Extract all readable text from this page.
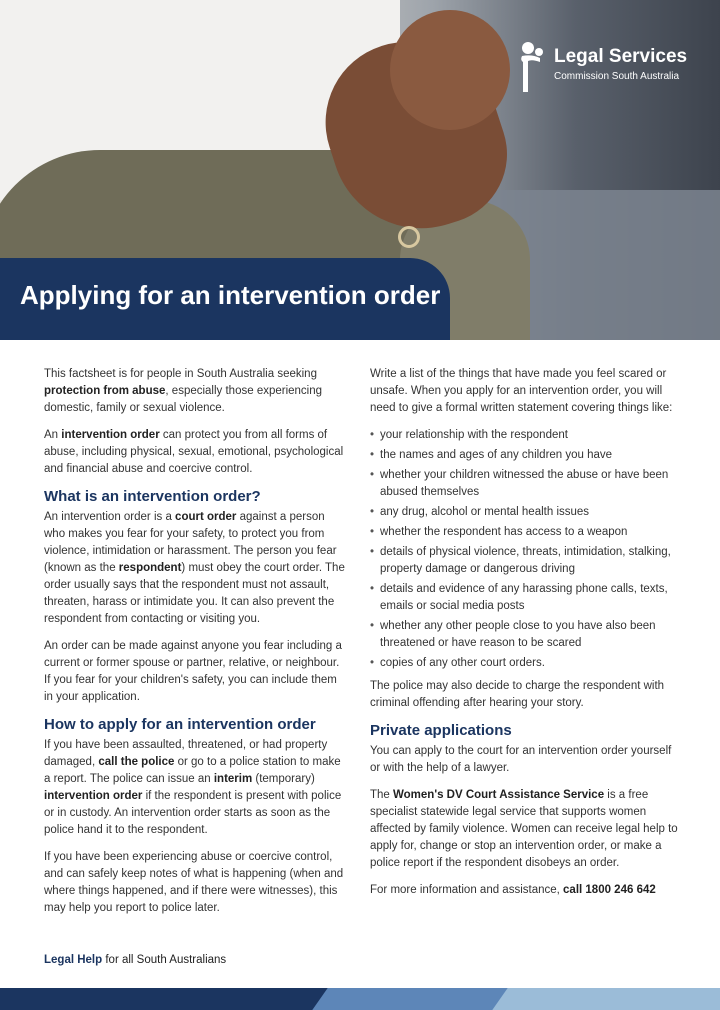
Legal Services
Commission South Australia
Applying for an intervention order

This factsheet is for people in South Australia seeking protection from abuse, especially those experiencing domestic, family or sexual violence.

An intervention order can protect you from all forms of abuse, including physical, sexual, emotional, psychological and financial abuse and coercive control.

What is an intervention order?

An intervention order is a court order against a person who makes you fear for your safety, to protect you from violence, intimidation or harassment. The person you fear (known as the respondent) must obey the court order. The order usually says that the respondent must not assault, threaten, harass or intimidate you. It can also prevent the respondent from contacting or visiting you.

An order can be made against anyone you fear including a current or former spouse or partner, relative, or neighbour. If you fear for your children's safety, you can include them in your application.

How to apply for an intervention order

If you have been assaulted, threatened, or had property damaged, call the police or go to a police station to make a report. The police can issue an interim (temporary) intervention order if the respondent is present with police or in custody. An intervention order starts as soon as the police hand it to the respondent.

If you have been experiencing abuse or coercive control, and can safely keep notes of what is happening (when and where things happened, and if there were witnesses), this may help you report to police later.

Write a list of the things that have made you feel scared or unsafe. When you apply for an intervention order, you will need to give a formal written statement covering things like:

• your relationship with the respondent
• the names and ages of any children you have
• whether your children witnessed the abuse or have been abused themselves
• any drug, alcohol or mental health issues
• whether the respondent has access to a weapon
• details of physical violence, threats, intimidation, stalking, property damage or dangerous driving
• details and evidence of any harassing phone calls, texts, emails or social media posts
• whether any other people close to you have also been threatened or have reason to be scared
• copies of any other court orders.

The police may also decide to charge the respondent with criminal offending after hearing your story.

Private applications

You can apply to the court for an intervention order yourself or with the help of a lawyer.

The Women's DV Court Assistance Service is a free specialist statewide legal service that supports women affected by family violence. Women can receive legal help to apply for, change or stop an intervention order, or make a police report if the respondent disobeys an order.

For more information and assistance, call 1800 246 642

Legal Help for all South Australians
